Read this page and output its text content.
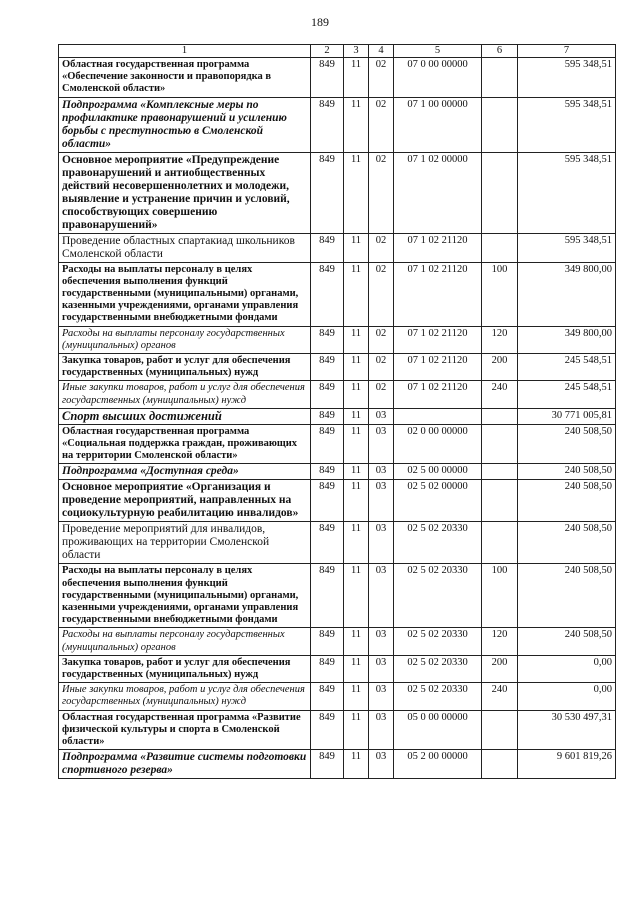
189
1	2	3	4	5	6	7
Областная государственная программа «Обеспечение законности и правопорядка в Смоленской области»	849	11	02	07 0 00 00000		595 348,51
Подпрограмма «Комплексные меры по профилактике правонарушений и усилению борьбы с преступностью в Смоленской области»	849	11	02	07 1 00 00000		595 348,51
Основное мероприятие «Предупреждение правонарушений и антиобщественных действий несовершеннолетних и молодежи, выявление и устранение причин и условий, способствующих совершению правонарушений»	849	11	02	07 1 02 00000		595 348,51
Проведение областных спартакиад школьников Смоленской области	849	11	02	07 1 02 21120		595 348,51
Расходы на выплаты персоналу в целях обеспечения выполнения функций государственными (муниципальными) органами, казенными учреждениями, органами управления государственными внебюджетными фондами	849	11	02	07 1 02 21120	100	349 800,00
Расходы на выплаты персоналу государственных (муниципальных) органов	849	11	02	07 1 02 21120	120	349 800,00
Закупка товаров, работ и услуг для обеспечения государственных (муниципальных) нужд	849	11	02	07 1 02 21120	200	245 548,51
Иные закупки товаров, работ и услуг для обеспечения государственных (муниципальных) нужд	849	11	02	07 1 02 21120	240	245 548,51
Спорт высших достижений	849	11	03			30 771 005,81
Областная государственная программа «Социальная поддержка граждан, проживающих на территории Смоленской области»	849	11	03	02 0 00 00000		240 508,50
Подпрограмма «Доступная среда»	849	11	03	02 5 00 00000		240 508,50
Основное мероприятие «Организация и проведение мероприятий, направленных на социокультурную реабилитацию инвалидов»	849	11	03	02 5 02 00000		240 508,50
Проведение мероприятий для инвалидов, проживающих на территории Смоленской области	849	11	03	02 5 02 20330		240 508,50
Расходы на выплаты персоналу в целях обеспечения выполнения функций государственными (муниципальными) органами, казенными учреждениями, органами управления государственными внебюджетными фондами	849	11	03	02 5 02 20330	100	240 508,50
Расходы на выплаты персоналу государственных (муниципальных) органов	849	11	03	02 5 02 20330	120	240 508,50
Закупка товаров, работ и услуг для обеспечения государственных (муниципальных) нужд	849	11	03	02 5 02 20330	200	0,00
Иные закупки товаров, работ и услуг для обеспечения государственных (муниципальных) нужд	849	11	03	02 5 02 20330	240	0,00
Областная государственная программа «Развитие физической культуры и спорта в Смоленской области»	849	11	03	05 0 00 00000		30 530 497,31
Подпрограмма «Развитие системы подготовки спортивного резерва»	849	11	03	05 2 00 00000		9 601 819,26
